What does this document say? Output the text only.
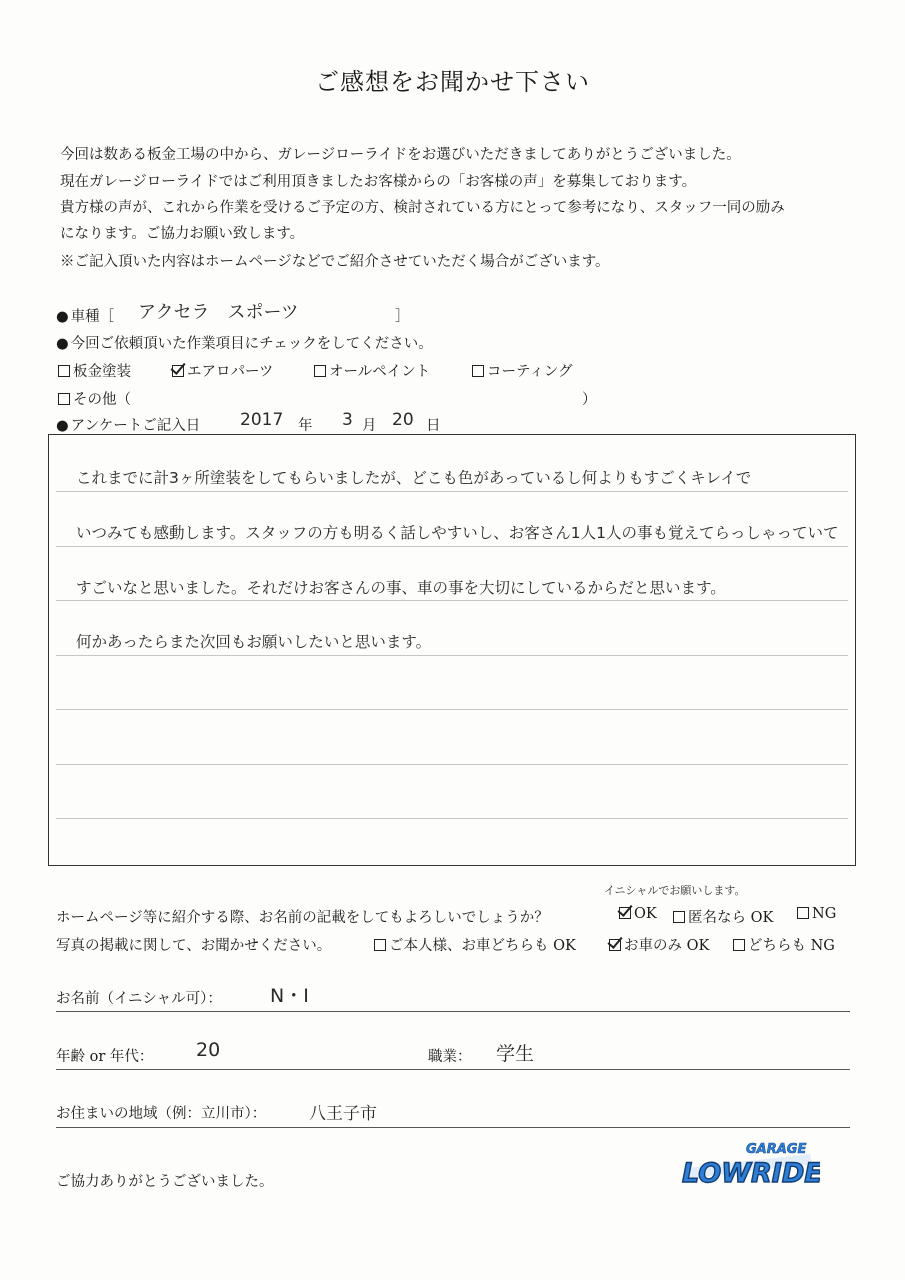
ご感想をお聞かせ下さい
今回は数ある板金工場の中から、ガレージローライドをお選びいただきましてありがとうございました。
現在ガレージローライドではご利用頂きましたお客様からの「お客様の声」を募集しております。
貴方様の声が、これから作業を受けるご予定の方、検討されている方にとって参考になり、スタッフ一同の励み
になります。ご協力お願い致します。
※ご記入頂いた内容はホームページなどでご紹介させていただく場合がございます。
● 車種［ アクセラ　スポーツ	］
● 今回ご依頼頂いた作業項目にチェックをしてください。
板金塗装	エアロパーツ	オールペイント	コーティング
その他（	）
● アンケートご記入日 2017 年 3 月 20 日
これまでに計3ヶ所塗装をしてもらいましたが、どこも色があっているし何よりもすごくキレイで
いつみても感動します。スタッフの方も明るく話しやすいし、お客さん1人1人の事も覚えてらっしゃっていて
すごいなと思いました。それだけお客さんの事、車の事を大切にしているからだと思います。
何かあったらまた次回もお願いしたいと思います。
イニシャルでお願いします。
ホームページ等に紹介する際、お名前の記載をしてもよろしいでしょうか？	OK	匿名なら OK	NG
写真の掲載に関して、お聞かせください。	ご本人様、お車どちらも OK	お車のみ OK	どちらも NG
お名前（イニシャル可）：	N・I
年齢 or 年代： 20	職業： 学生
お住まいの地域（例：立川市）：	八王子市
ご協力ありがとうございました。
GARAGE
LOWRIDE
